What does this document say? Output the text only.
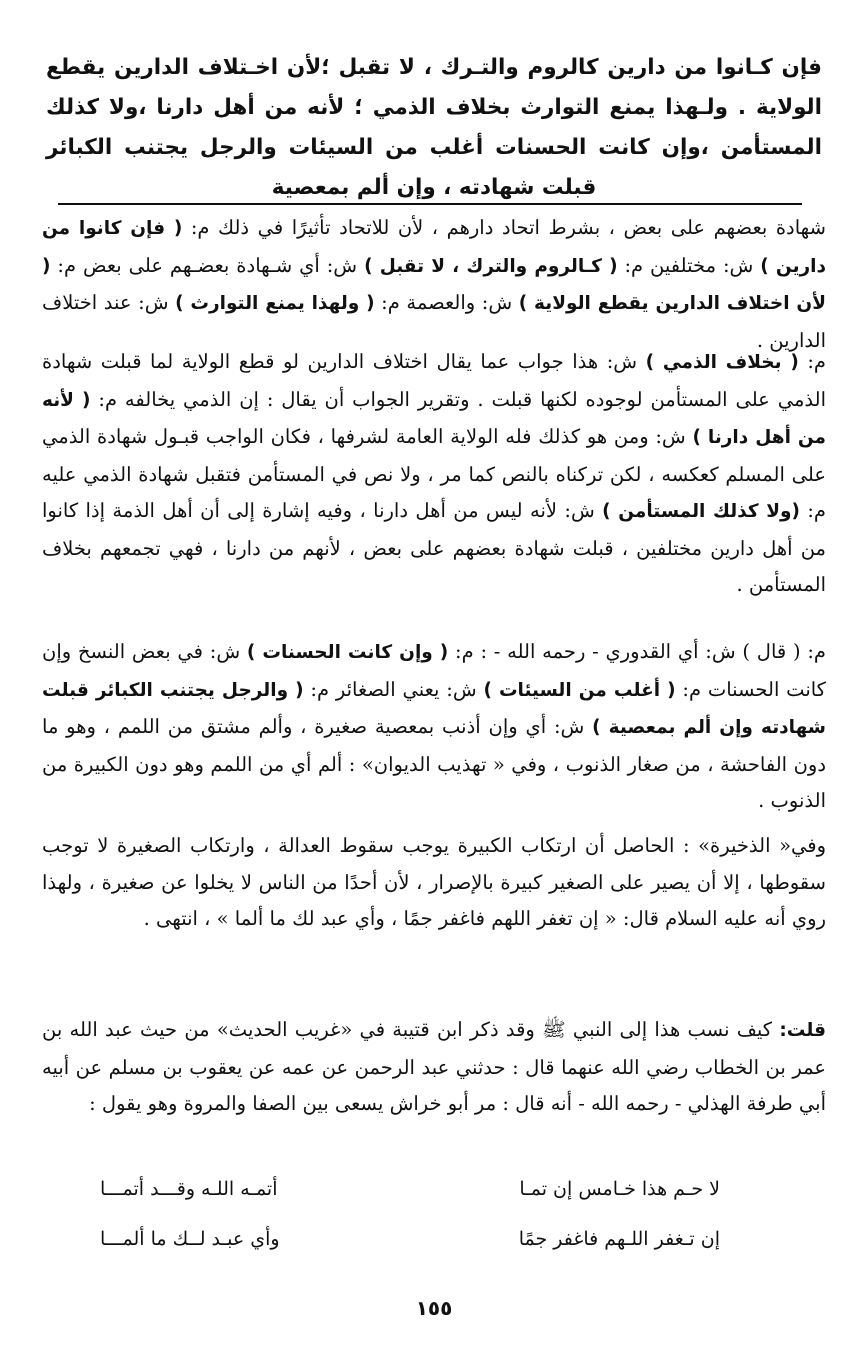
فإن كـانوا من دارين كالروم والتـرك ، لا تقبل ؛لأن اخـتلاف الدارين يقطع الولاية . ولـهذا يمنع التوارث بخلاف الذمي ؛ لأنه من أهل دارنا ،ولا كذلك المستأمن ،وإن كانت الحسنات أغلب من السيئات والرجل يجتنب الكبائر قبلت شهادته ، وإن ألم بمعصية

شهادة بعضهم على بعض ، بشرط اتحاد دارهم ، لأن للاتحاد تأثيرًا في ذلك م: ( فإن كانوا من دارين ) ش: مختلفين م: ( كـالروم والترك ، لا تقبل ) ش: أي شـهادة بعضـهم على بعض م: ( لأن اختلاف الدارين يقطع الولاية ) ش: والعصمة م: ( ولهذا يمنع التوارث ) ش: عند اختلاف الدارين .

م: ( بخلاف الذمي ) ش: هذا جواب عما يقال اختلاف الدارين لو قطع الولاية لما قبلت شهادة الذمي على المستأمن لوجوده لكنها قبلت . وتقرير الجواب أن يقال : إن الذمي يخالفه م: ( لأنه من أهل دارنا ) ش: ومن هو كذلك فله الولاية العامة لشرفها ، فكان الواجب قبـول شهادة الذمي على المسلم كعكسه ، لكن تركناه بالنص كما مر ، ولا نص في المستأمن فتقبل شهادة الذمي عليه م: (ولا كذلك المستأمن ) ش: لأنه ليس من أهل دارنا ، وفيه إشارة إلى أن أهل الذمة إذا كانوا من أهل دارين مختلفين ، قبلت شهادة بعضهم على بعض ، لأنهم من دارنا ، فهي تجمعهم بخلاف المستأمن .

م: ( قال ) ش: أي القدوري - رحمه الله - : م: ( وإن كانت الحسنات ) ش: في بعض النسخ وإن كانت الحسنات م: ( أغلب من السيئات ) ش: يعني الصغائر م: ( والرجل يجتنب الكبائر قبلت شهادته وإن ألم بمعصية ) ش: أي وإن أذنب بمعصية صغيرة ، وألم مشتق من اللمم ، وهو ما دون الفاحشة ، من صغار الذنوب ، وفي « تهذيب الديوان» : ألم أي من اللمم وهو دون الكبيرة من الذنوب .

وفي« الذخيرة» : الحاصل أن ارتكاب الكبيرة يوجب سقوط العدالة ، وارتكاب الصغيرة لا توجب سقوطها ، إلا أن يصير على الصغير كبيرة بالإصرار ، لأن أحدًا من الناس لا يخلوا عن صغيرة ، ولهذا روي أنه عليه السلام قال: « إن تغفر اللهم فاغفر جمًا ، وأي عبد لك ما ألما » ، انتهى .

قلت: كيف نسب هذا إلى النبي ﷺ وقد ذكر ابن قتيبة في «غريب الحديث» من حيث عبد الله بن عمر بن الخطاب رضي الله عنهما قال : حدثني عبد الرحمن عن عمه عن يعقوب بن مسلم عن أبيه أبي طرفة الهذلي - رحمه الله - أنه قال : مر أبو خراش يسعى بين الصفا والمروة وهو يقول :

لا حـم هذا خـامس إن تمـا
أتمـه اللـه وقـــد أتمـــا
إن تـغفر اللـهم فاغفر جمًا
وأي عبـد لــك ما ألمـــا
١٥٥
